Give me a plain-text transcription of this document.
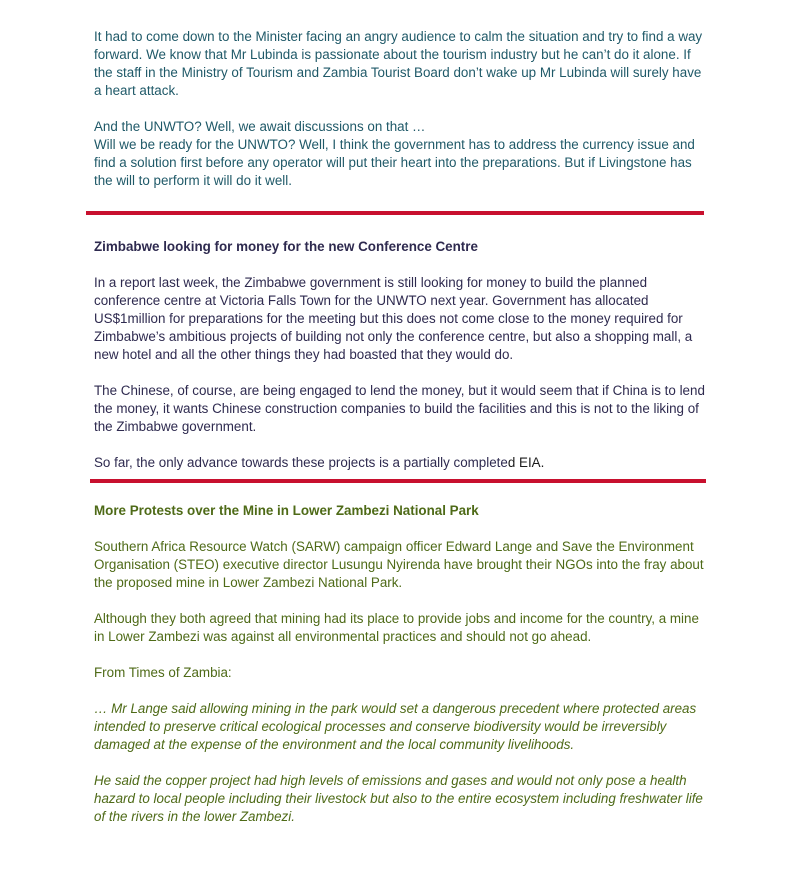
It had to come down to the Minister facing an angry audience to calm the situation and try to find a way forward. We know that Mr Lubinda is passionate about the tourism industry but he can’t do it alone. If the staff in the Ministry of Tourism and Zambia Tourist Board don’t wake up Mr Lubinda will surely have a heart attack.

And the UNWTO? Well, we await discussions on that …

Will we be ready for the UNWTO? Well, I think the government has to address the currency issue and find a solution first before any operator will put their heart into the preparations. But if Livingstone has the will to perform it will do it well.

Zimbabwe looking for money for the new Conference Centre

In a report last week, the Zimbabwe government is still looking for money to build the planned conference centre at Victoria Falls Town for the UNWTO next year. Government has allocated US$1million for preparations for the meeting but this does not come close to the money required for Zimbabwe’s ambitious projects of building not only the conference centre, but also a shopping mall, a new hotel and all the other things they had boasted that they would do.

The Chinese, of course, are being engaged to lend the money, but it would seem that if China is to lend the money, it wants Chinese construction companies to build the facilities and this is not to the liking of the Zimbabwe government.

So far, the only advance towards these projects is a partially completed EIA.

More Protests over the Mine in Lower Zambezi National Park

Southern Africa Resource Watch (SARW) campaign officer Edward Lange and Save the Environment Organisation (STEO) executive director Lusungu Nyirenda have brought their NGOs into the fray about the proposed mine in Lower Zambezi National Park.

Although they both agreed that mining had its place to provide jobs and income for the country, a mine in Lower Zambezi was against all environmental practices and should not go ahead.

From Times of Zambia:

… Mr Lange said allowing mining in the park would set a dangerous precedent where protected areas intended to preserve critical ecological processes and conserve biodiversity would be irreversibly damaged at the expense of the environment and the local community livelihoods.

He said the copper project had high levels of emissions and gases and would not only pose a health hazard to local people including their livestock but also to the entire ecosystem including freshwater life of the rivers in the lower Zambezi.
